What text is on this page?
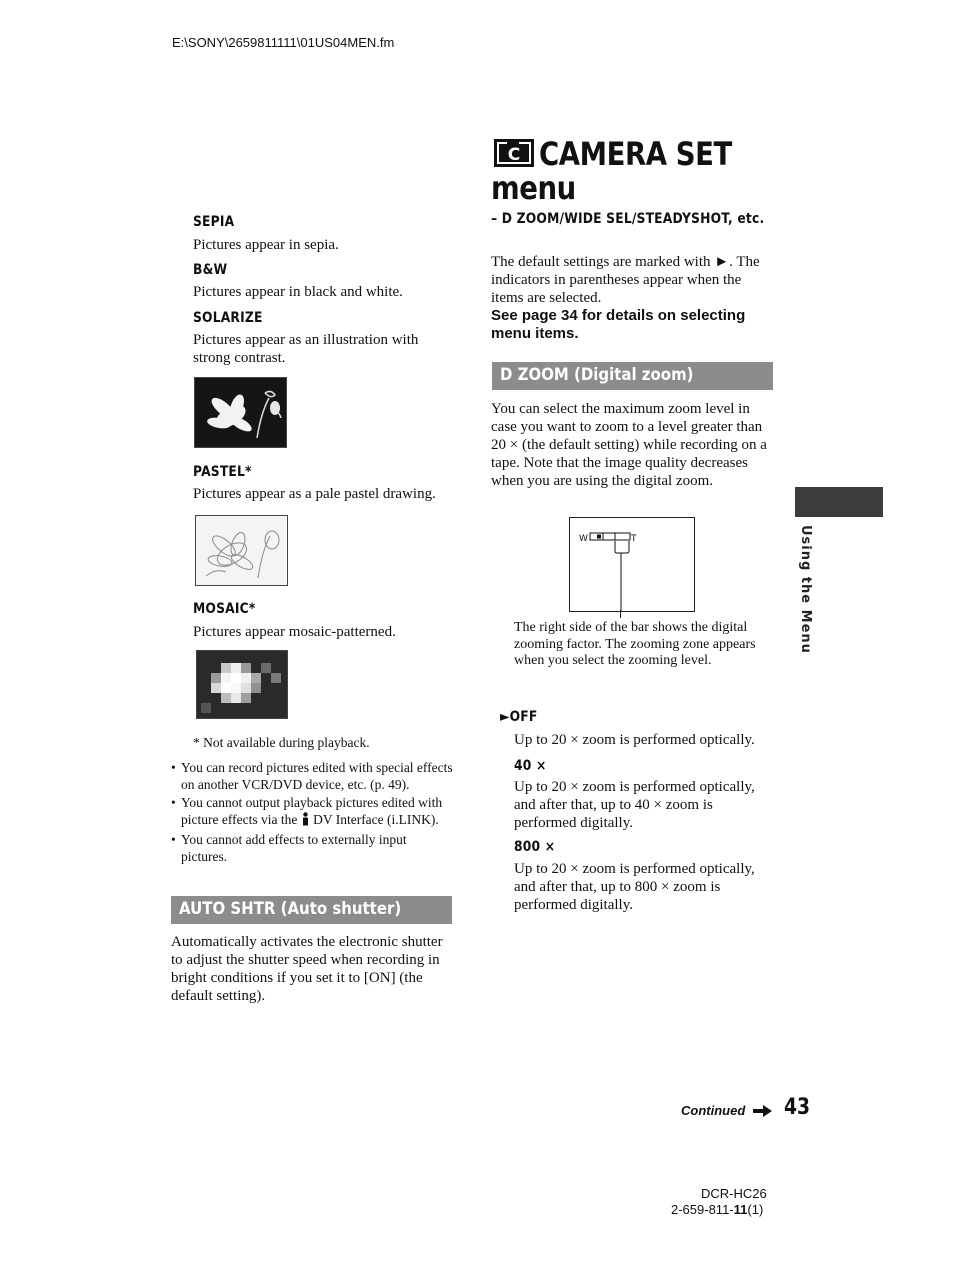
E:\SONY\2659811111\01US04MEN.fm
SEPIA
Pictures appear in sepia.
B&W
Pictures appear in black and white.
SOLARIZE
Pictures appear as an illustration with strong contrast.
PASTEL*
Pictures appear as a pale pastel drawing.
MOSAIC*
Pictures appear mosaic-patterned.
* Not available during playback.
• You can record pictures edited with special effects on another VCR/DVD device, etc. (p. 49).
• You cannot output playback pictures edited with picture effects via the DV Interface (i.LINK).
• You cannot add effects to externally input pictures.
AUTO SHTR (Auto shutter)
Automatically activates the electronic shutter to adjust the shutter speed when recording in bright conditions if you set it to [ON] (the default setting).
C CAMERA SET
menu
– D ZOOM/WIDE SEL/STEADYSHOT, etc.
The default settings are marked with ►. The indicators in parentheses appear when the items are selected.
See page 34 for details on selecting menu items.
D ZOOM (Digital zoom)
You can select the maximum zoom level in case you want to zoom to a level greater than 20 × (the default setting) while recording on a tape. Note that the image quality decreases when you are using the digital zoom.
W	T
The right side of the bar shows the digital zooming factor. The zooming zone appears when you select the zooming level.
►OFF
Up to 20 × zoom is performed optically.
40 ×
Up to 20 × zoom is performed optically, and after that, up to 40 × zoom is performed digitally.
800 ×
Up to 20 × zoom is performed optically, and after that, up to 800 × zoom is performed digitally.
Using the Menu
Continued 43
DCR-HC26
2-659-811-11(1)
